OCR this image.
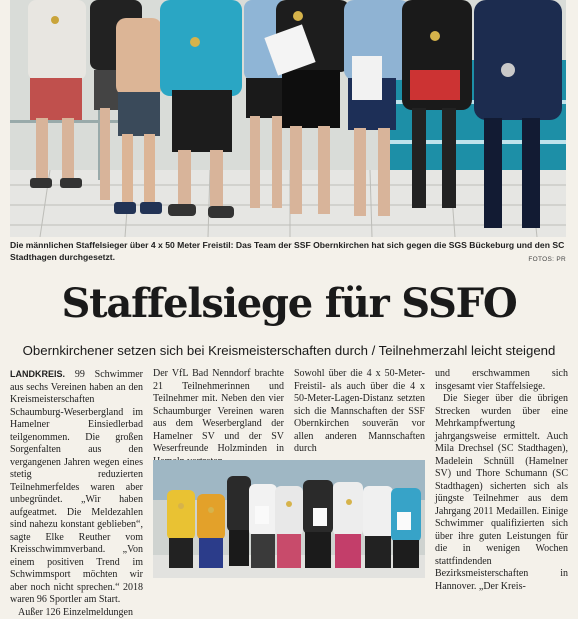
Die männlichen Staffelsieger über 4 x 50 Meter Freistil: Das Team der SSF Obernkirchen hat sich gegen die SGS Bückeburg und den SC Stadthagen durchgesetzt.	FOTOS: PR
Staffelsiege für SSFO
Obernkirchener setzen sich bei Kreismeisterschaften durch / Teilnehmerzahl leicht steigend

LANDKREIS. 99 Schwimmer aus sechs Vereinen haben an den Kreismeisterschaften Schaumburg-Weserbergland im Hamelner Einsiedlerbad teilgenommen. Die großen Sorgenfalten aus den vergangenen Jahren wegen eines stetig reduzierten Teilnehmerfeldes waren aber unbegründet. „Wir haben aufgeatmet. Die Meldezahlen sind nahezu konstant geblieben“, sagte Elke Reuther vom Kreisschwimmverband. „Von einem positiven Trend im Schwimmsport möchten wir aber noch nicht sprechen.“ 2018 waren 96 Sportler am Start.

Außer 126 Einzelmeldungen

Der VfL Bad Nenndorf brachte 21 Teilnehmerinnen und Teilnehmer mit. Neben den vier Schaumburger Vereinen waren aus dem Weserbergland der Hamelner SV und der SV Weserfreunde Holzminden in

Sowohl über die 4 x 50-Meter-Freistil- als auch über die 4 x 50-Meter-Lagen-Distanz setzten sich die Mannschaften der SSF Obernkirchen souverän vor allen anderen Mannschaften durch

und erschwammen sich insgesamt vier Staffelsiege.

Die Sieger über die übrigen Strecken wurden über eine Mehrkampfwertung jahrgangsweise ermittelt. Auch Mila Drechsel (SC Stadthagen), Madelein Schnüll (Hamelner SV) und Thore Schumann (SC Stadthagen) sicherten sich als jüngste Teilnehmer aus dem Jahrgang 2011 Medaillen. Einige Schwimmer qualifizierten sich über ihre guten Leistungen für die in wenigen Wochen stattfindenden Bezirksmeisterschaften in Hannover. „Der Kreis-
